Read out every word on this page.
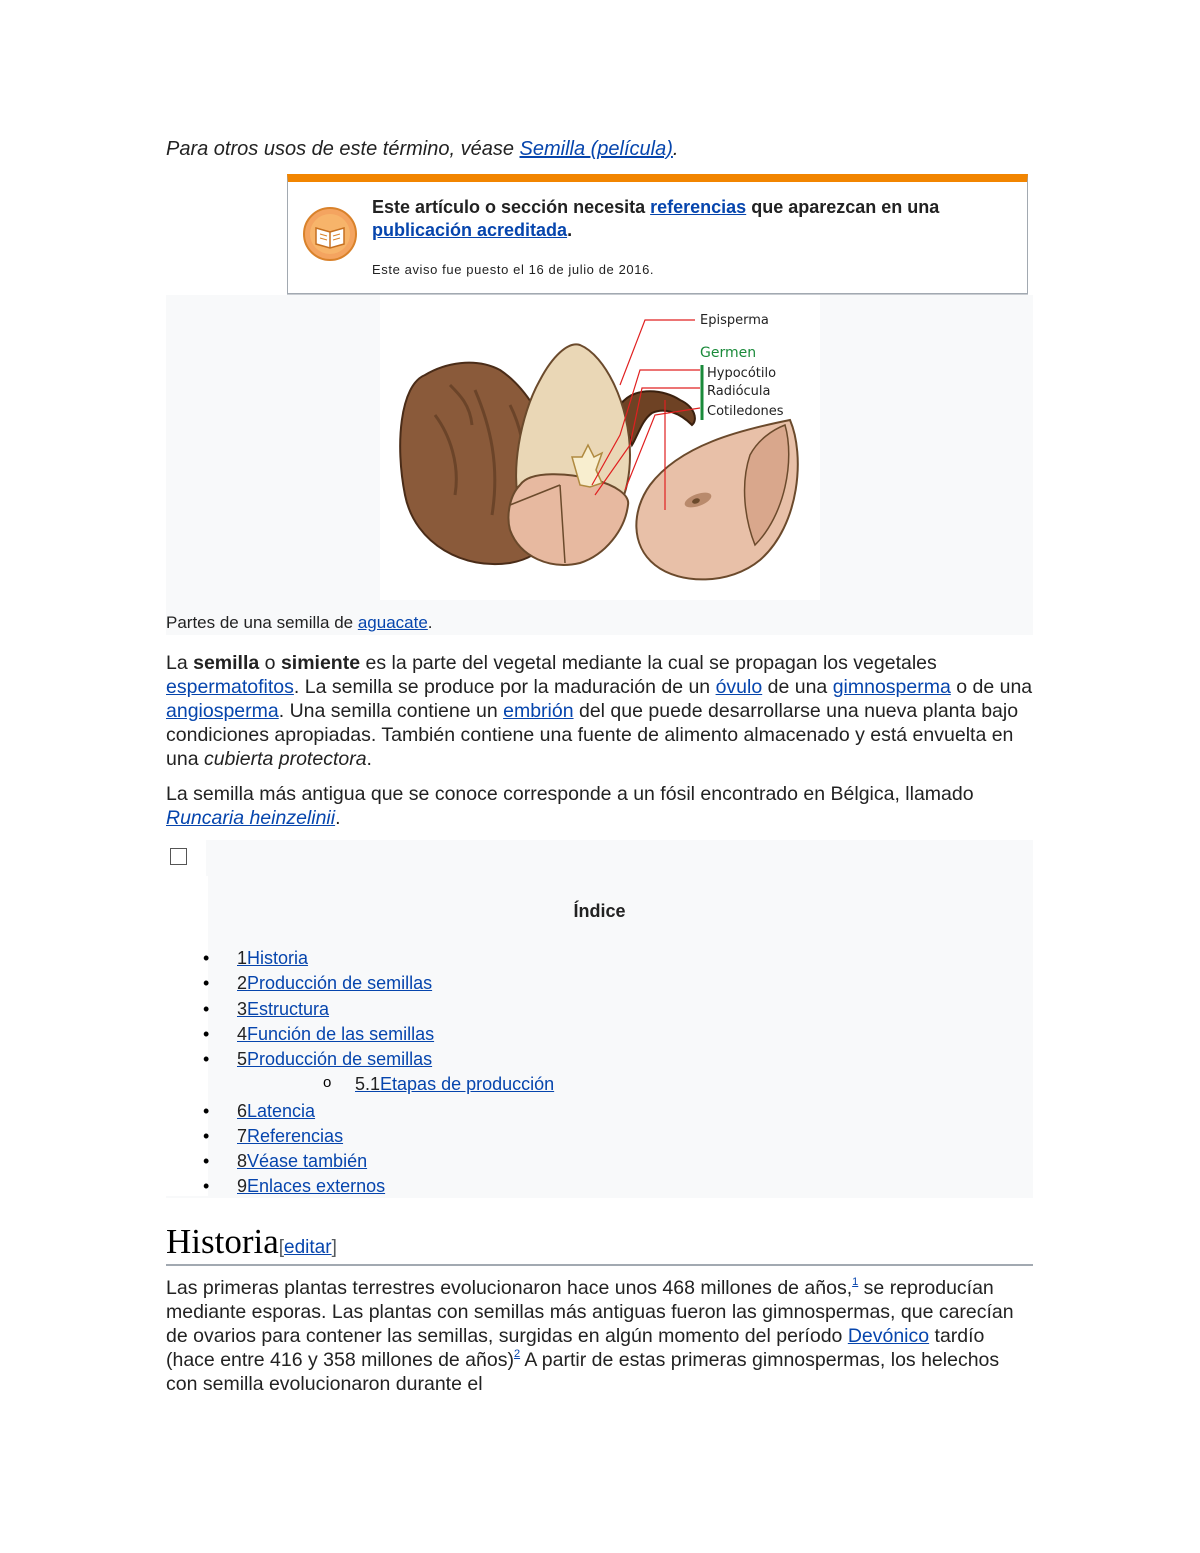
Para otros usos de este término, véase Semilla (película).
Este artículo o sección necesita referencias que aparezcan en una publicación acreditada.
Este aviso fue puesto el 16 de julio de 2016.
Episperma
Germen
Hypocótilo
Radiócula
Cotiledones
Partes de una semilla de aguacate.
La semilla o simiente es la parte del vegetal mediante la cual se propagan los vegetales espermatofitos. La semilla se produce por la maduración de un óvulo de una gimnosperma o de una angiosperma. Una semilla contiene un embrión del que puede desarrollarse una nueva planta bajo condiciones apropiadas. También contiene una fuente de alimento almacenado y está envuelta en una cubierta protectora.
La semilla más antigua que se conoce corresponde a un fósil encontrado en Bélgica, llamado Runcaria heinzelinii.
Índice
• 1Historia
• 2Producción de semillas
• 3Estructura
• 4Función de las semillas
• 5Producción de semillas
o 5.1Etapas de producción
• 6Latencia
• 7Referencias
• 8Véase también
• 9Enlaces externos
Historia[editar]
Las primeras plantas terrestres evolucionaron hace unos 468 millones de años,$^1$ se reproducían mediante esporas. Las plantas con semillas más antiguas fueron las gimnospermas, que carecían de ovarios para contener las semillas, surgidas en algún momento del período Devónico tardío (hace entre 416 y 358 millones de años)$^2$ A partir de estas primeras gimnospermas, los helechos con semilla evolucionaron durante el
